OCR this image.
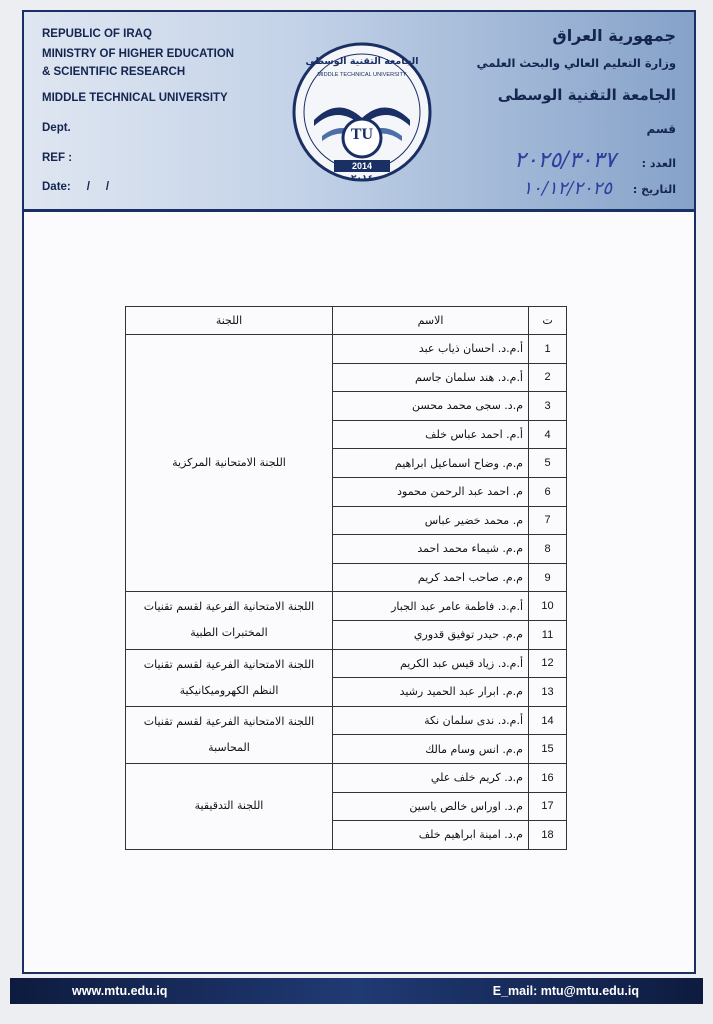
REPUBLIC OF IRAQ
MINISTRY OF HIGHER EDUCATION
& SCIENTIFIC RESEARCH
MIDDLE TECHNICAL UNIVERSITY
Dept.
REF :
Date:     /     /
الجامعة التقنية الوسطى
MIDDLE TECHNICAL UNIVERSITY
TU
2014
٢٠١٤
جمهورية العراق
وزارة التعليم العالي والبحث العلمي
الجامعة التقنية الوسطى
قسم
العدد :
التاريخ :
٢٠٢٥/٣٠٣٧
١٠/١٢/٢٠٢٥
ت	الاسم	اللجنة
1	أ.م.د. احسان ذياب عبد	اللجنة الامتحانية المركزية
2	أ.م.د. هند سلمان جاسم	
3	م.د. سجى محمد محسن	
4	أ.م. احمد عباس خلف	
5	م.م. وضاح اسماعيل ابراهيم	
6	م. احمد عبد الرحمن محمود	
7	م. محمد خضير عباس	
8	م.م. شيماء محمد احمد	
9	م.م. صاحب احمد كريم	
10	أ.م.د. فاطمة عامر عبد الجبار	اللجنة الامتحانية الفرعية لقسم تقنيات المختبرات الطبية
11	م.م. حيدر توفيق قدوري	
12	أ.م.د. زياد قيس عبد الكريم	اللجنة الامتحانية الفرعية لقسم تقنيات النظم الكهروميكانيكية
13	م.م. ابرار عبد الحميد رشيد	
14	أ.م.د. ندى سلمان نكة	اللجنة الامتحانية الفرعية لقسم تقنيات المحاسبة
15	م.م. انس وسام مالك	
16	م.د. كريم خلف علي	اللجنة التدقيقية
17	م.د. اوراس خالص ياسين	
18	م.د. امينة ابراهيم خلف	
www.mtu.edu.iq	E_mail: mtu@mtu.edu.iq
